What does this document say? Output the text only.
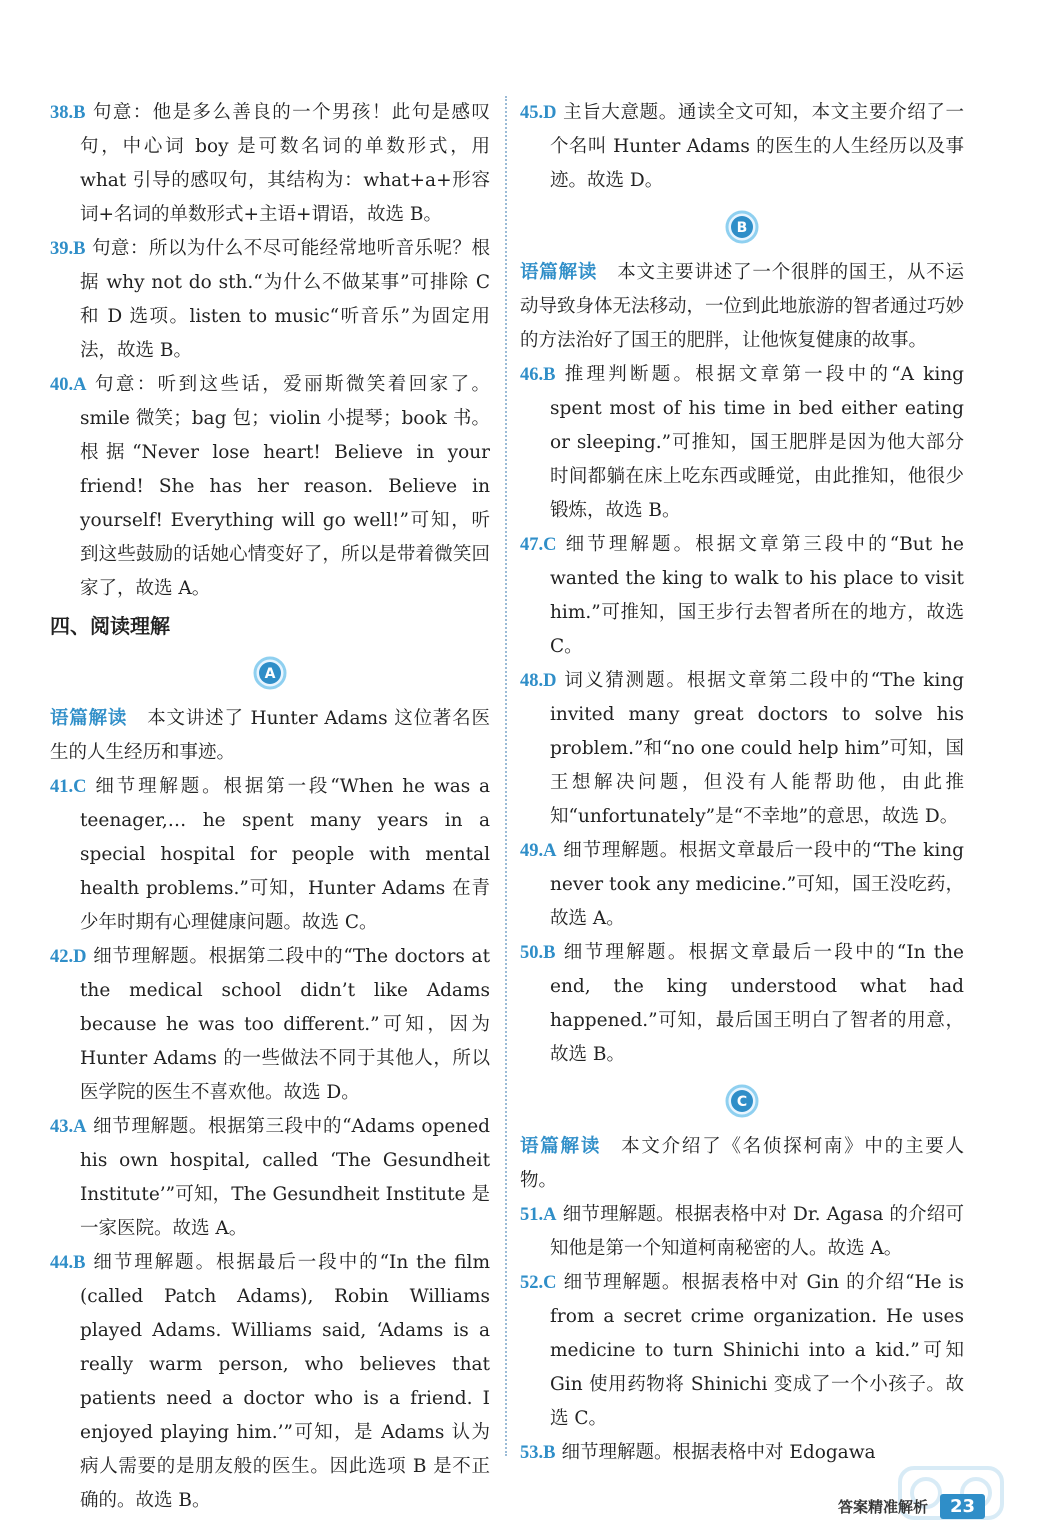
38.B 句意：他是多么善良的一个男孩！此句是感叹句，中心词 boy 是可数名词的单数形式，用 what 引导的感叹句，其结构为：what+a+形容词+名词的单数形式+主语+谓语，故选 B。

39.B 句意：所以为什么不尽可能经常地听音乐呢？根据 why not do sth.“为什么不做某事”可排除 C 和 D 选项。listen to music“听音乐”为固定用法，故选 B。

40.A 句意：听到这些话，爱丽斯微笑着回家了。smile 微笑；bag 包；violin 小提琴；book 书。根据“Never lose heart! Believe in your friend! She has her reason. Believe in yourself! Everything will go well!”可知，听到这些鼓励的话她心情变好了，所以是带着微笑回家了，故选 A。

四、阅读理解

A

语篇解读 本文讲述了 Hunter Adams 这位著名医生的人生经历和事迹。

41.C 细节理解题。根据第一段“When he was a teenager,… he spent many years in a special hospital for people with mental health problems.”可知，Hunter Adams 在青少年时期有心理健康问题。故选 C。

42.D 细节理解题。根据第二段中的“The doctors at the medical school didn’t like Adams because he was too different.”可知，因为 Hunter Adams 的一些做法不同于其他人，所以医学院的医生不喜欢他。故选 D。

43.A 细节理解题。根据第三段中的“Adams opened his own hospital, called ‘The Gesundheit Institute’”可知，The Gesundheit Institute 是一家医院。故选 A。

44.B 细节理解题。根据最后一段中的“In the film (called Patch Adams), Robin Williams played Adams. Williams said, ‘Adams is a really warm person, who believes that patients need a doctor who is a friend. I enjoyed playing him.’”可知，是 Adams 认为病人需要的是朋友般的医生。因此选项 B 是不正确的。故选 B。

45.D 主旨大意题。通读全文可知，本文主要介绍了一个名叫 Hunter Adams 的医生的人生经历以及事迹。故选 D。

B

语篇解读 本文主要讲述了一个很胖的国王，从不运动导致身体无法移动，一位到此地旅游的智者通过巧妙的方法治好了国王的肥胖，让他恢复健康的故事。

46.B 推理判断题。根据文章第一段中的“A king spent most of his time in bed either eating or sleeping.”可推知，国王肥胖是因为他大部分时间都躺在床上吃东西或睡觉，由此推知，他很少锻炼，故选 B。

47.C 细节理解题。根据文章第三段中的“But he wanted the king to walk to his place to visit him.”可推知，国王步行去智者所在的地方，故选 C。

48.D 词义猜测题。根据文章第二段中的“The king invited many great doctors to solve his problem.”和“no one could help him”可知，国王想解决问题，但没有人能帮助他，由此推知“unfortunately”是“不幸地”的意思，故选 D。

49.A 细节理解题。根据文章最后一段中的“The king never took any medicine.”可知，国王没吃药，故选 A。

50.B 细节理解题。根据文章最后一段中的“In the end, the king understood what had happened.”可知，最后国王明白了智者的用意，故选 B。

C

语篇解读 本文介绍了《名侦探柯南》中的主要人物。

51.A 细节理解题。根据表格中对 Dr. Agasa 的介绍可知他是第一个知道柯南秘密的人。故选 A。

52.C 细节理解题。根据表格中对 Gin 的介绍“He is from a secret crime organization. He uses medicine to turn Shinichi into a kid.”可知 Gin 使用药物将 Shinichi 变成了一个小孩子。故选 C。

53.B 细节理解题。根据表格中对 Edogawa

答案精准解析	23
